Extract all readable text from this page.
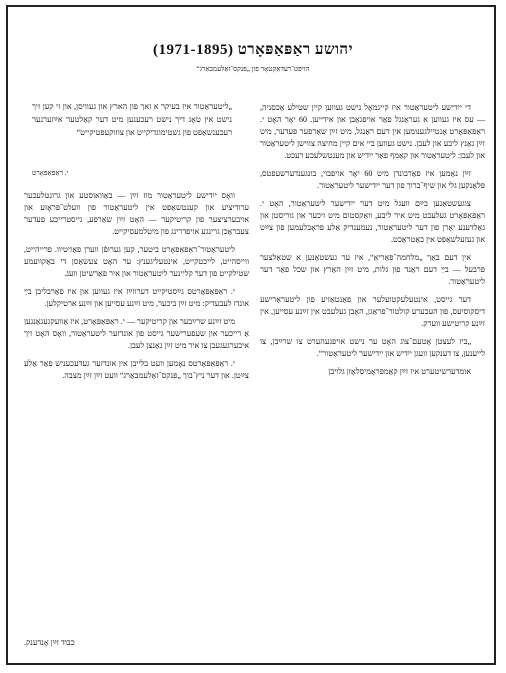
יהושע ראַפּאַפּאָרט (1971-1895)
הויפּט־רעדאַקטאָר פון „פּנקס־זאַלעמבאַרג“

„ליטעראַטור איז בעיקר א זאך פון הארץ און געוויסן, און זי קען זיך נישט אין טאָג דיך נישט רעכענען מיט דער קאַלטער אײַזערנער רעכענשאַפט פון גשטימוגדיקייט און צוזוקעפּטיקייט“

י. ראַפּאַפּאָרט

די ייִדישע ליטעראַטור איז קיינמאָל נישט געווען קיין שטילע אַכסניה, — עס איז געווען א געראַנגל פאַר אויפגאַבן און אידייען. 60 יאָר האָט י. ראַפּאַפּאָרט אָנטיילגענומען אין דעם ראַנגל, מיט זײַן שאַרפער פעדער, מיט זײַן גאַנץ ליבע און לעבן. נישט געווען ביי אים קיין מחיצה צווישן ליטעראַטור און לעבן: ליטעראַטור און קאַמף פאַר ייִדיש און מענטשלעכע רעכט.

זײַן נאָמען איז פאַרבונדן מיט 60 יאָר אויפבוי, בונגענדערשעפטס, פּלאַנקען גלי און שיף־ברוך פון דער ייִדישער ליטעראַטור.

צוגעשטאַנען בײַם וועגל מיט דער ייִדישער ליטעראַטור, האָט י. ראַפּאַפּאָרט געלעבט מיט איר ליבע, וואַקסטום מיט זיכער און גוריסטן און גאַלדענע יאָרן פון דער ליטעראַטור, נעמענדיק אַלע פּראָבלעמען פון צײַט און געזעלשאַפט אין באַטראַכט.

אין דעם באַך „מלחמה־פּאַריאַ“, איז ער געשטאַנען א שטאַלצער פּרבעל — בײַ דעם ראַנד פון גלות, מיט זײַן האַרץ און שכל פאַר דער ליטעראַטור.

דער גייסט, אינטעלעקטועלער און פאַנטאַזיע פון ליטעראַרישע דיסקוסיעס, פון העכערע קולטור־פראַגן, האָבן געלעבט אין זײַנע עסייען, אין זײַנע קריטישע ווערק.

„ביז לעצטן אָטעם־צוג האָט ער נישט אויפגעהערט צו שרײַבן, צו לייענען, צו דענקען וועגן ייִדיש און ייִדישער ליטעראַטור“.

אומדערשיטערט איז זײַן קאַמפּראָמיסלאָזן גלויבן

וואָס ייִדישע ליטעראַטור מוז זײַן — באַוואוסטע און גרונטלעכער ערודיציע און קענטשאַפט אין ליטעראַטור פון וועלט־פּראָזע און אויבערציצער פון קריטיקער — האָט זײַן שאַרפע, גייסטרייכע פעדער צעבראָכן גרינגע אויפדרינג פון מיטלמעסיקייט.

ליטעראַטור־ראַפּאַפּאָרט ביטער, קען גערופֿן ווערן פאַזיטיוו. פרייהייט, ווייסהייט, לייכטקייט, אינטעליגענץ: ער האָט צעשאַסן די באַקוועמע שטילקייט פון דער קליינער ליטעראַטור און איר פאַרשיטן וועג.

י. ראַפּאַפּאָרטס גײַסטיקייט דערווײַז איז געווען און איז פאַרבליבן בײַ אונדז לעבעדיק: מיט זײַן ביכער, מיט זײַנע עסייען און זײַנע ארטיקלען.

מיט זײַנע שרײַבער און קריטיקער — י. ראַפּאַפּאָרט, איז אַוועקגעגאַנגען אַ רייכער און שעפערישער גייסט פון אונדזער ליטעראַטור, וואָס האָט זיך איבערגעגעבן צו איר מיט זײַן גאַנצן לעבן.

י. ראַפּאַפּאָרטס נאָמען וועט בלייבן אין אונדזער געדעכעניש פאַר אַלע צײַטן. און דער ניץ־בוך „פּנקס־זאַלעמבאַרג“ וועט זײַן זײַן מצבה.

כבוד זײַן אָנדענק.
